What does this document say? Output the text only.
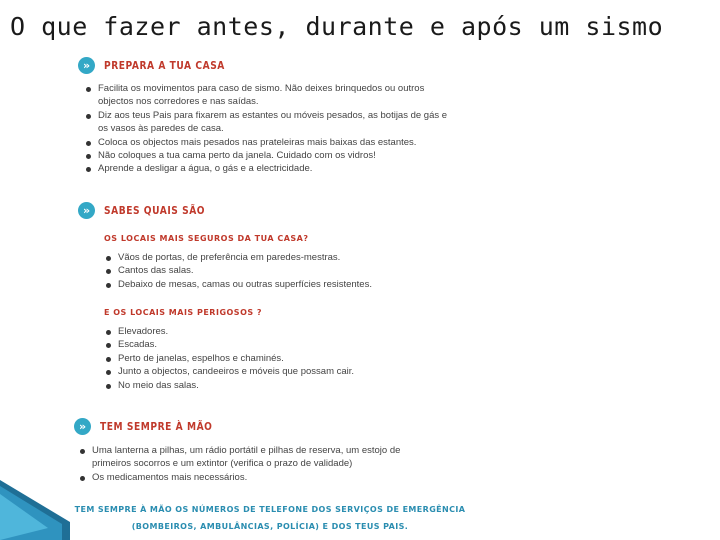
O que fazer antes, durante e após um sismo
»	PREPARA A TUA CASA
Facilita os movimentos para caso de sismo. Não deixes brinquedos ou outros objectos nos corredores e nas saídas.
Diz aos teus Pais para fixarem as estantes ou móveis pesados, as botijas de gás e os vasos às paredes de casa.
Coloca os objectos mais pesados nas prateleiras mais baixas das estantes.
Não coloques a tua cama perto da janela. Cuidado com os vidros!
Aprende a desligar a água, o gás e a electricidade.
»	SABES QUAIS SÃO
OS LOCAIS MAIS SEGUROS DA TUA CASA?
Vãos de portas, de preferência em paredes-mestras.
Cantos das salas.
Debaixo de mesas, camas ou outras superfícies resistentes.
E OS LOCAIS MAIS PERIGOSOS ?
Elevadores.
Escadas.
Perto de janelas, espelhos e chaminés.
Junto a objectos, candeeiros e móveis que possam cair.
No meio das salas.
»	TEM SEMPRE À MÃO
Uma lanterna a pilhas, um rádio portátil e pilhas de reserva, um estojo de primeiros socorros e um extintor (verifica o prazo de validade)
Os medicamentos mais necessários.
TEM SEMPRE À MÃO OS NÚMEROS DE TELEFONE DOS SERVIÇOS DE EMERGÊNCIA
(BOMBEIROS, AMBULÂNCIAS, POLÍCIA) E DOS TEUS PAIS.
